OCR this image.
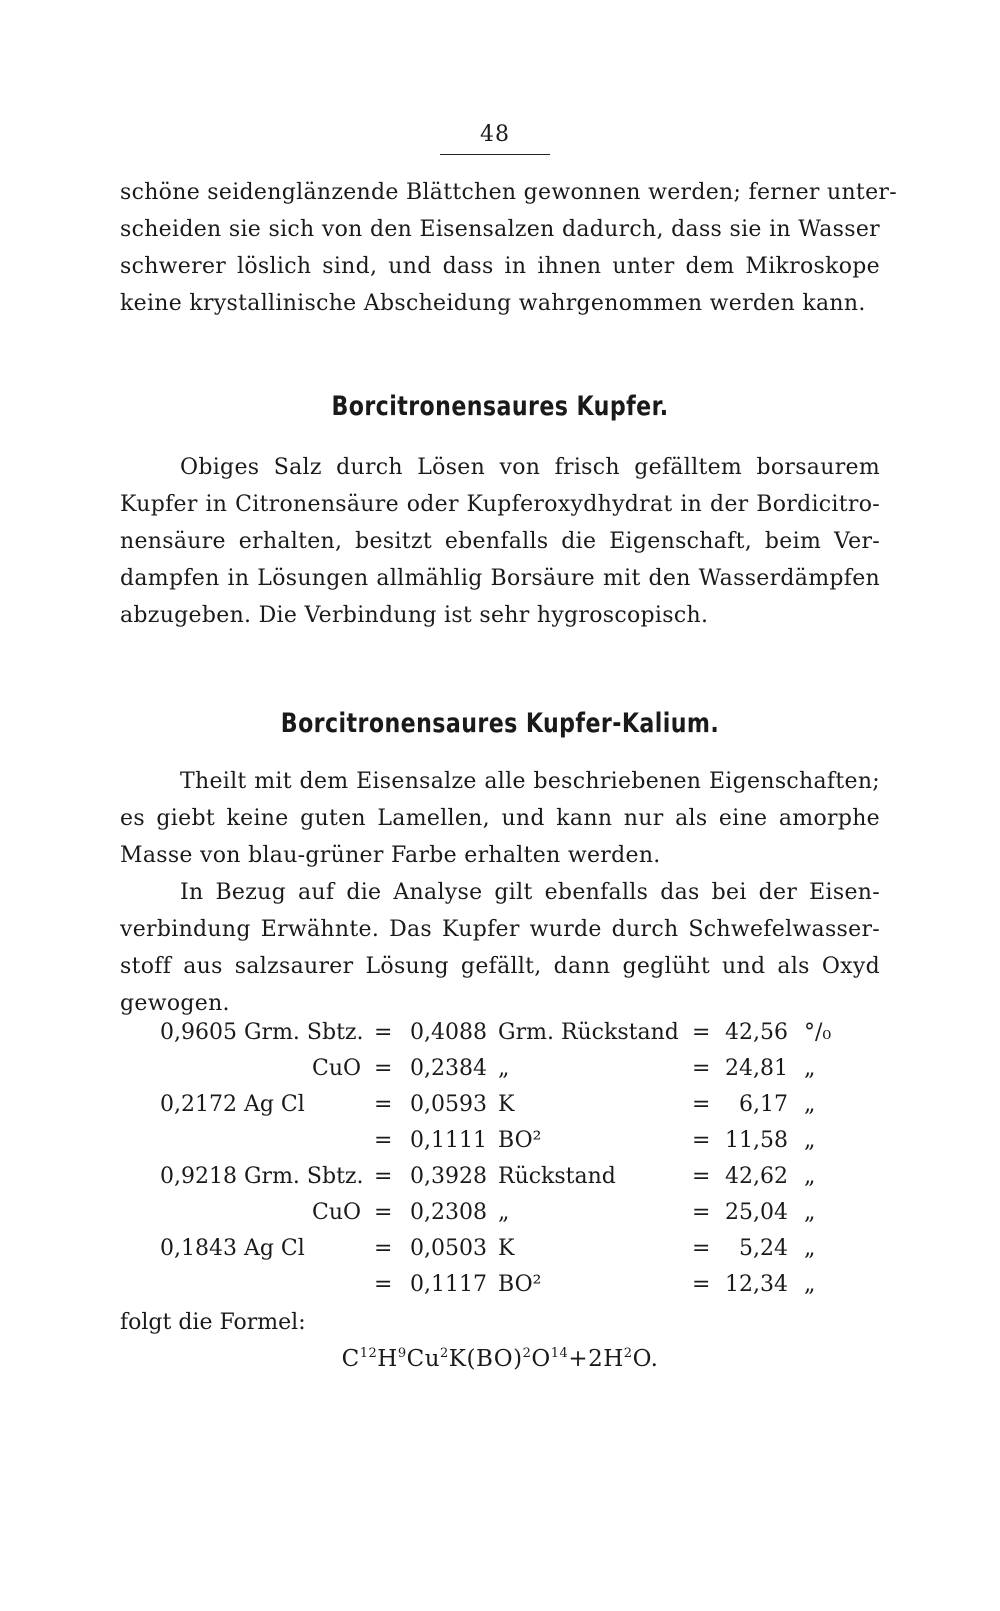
48
schöne seidenglänzende Blättchen gewonnen werden; ferner unter-
scheiden sie sich von den Eisensalzen dadurch, dass sie in Wasser
schwerer löslich sind, und dass in ihnen unter dem Mikroskope
keine krystallinische Abscheidung wahrgenommen werden kann.
Borcitronensaures Kupfer.
Obiges Salz durch Lösen von frisch gefälltem borsaurem
Kupfer in Citronensäure oder Kupferoxydhydrat in der Bordicitro-
nensäure erhalten, besitzt ebenfalls die Eigenschaft, beim Ver-
dampfen in Lösungen allmählig Borsäure mit den Wasserdämpfen
abzugeben. Die Verbindung ist sehr hygroscopisch.
Borcitronensaures Kupfer-Kalium.
Theilt mit dem Eisensalze alle beschriebenen Eigenschaften;
es giebt keine guten Lamellen, und kann nur als eine amorphe
Masse von blau-grüner Farbe erhalten werden.
In Bezug auf die Analyse gilt ebenfalls das bei der Eisen-
verbindung Erwähnte. Das Kupfer wurde durch Schwefelwasser-
stoff aus salzsaurer Lösung gefällt, dann geglüht und als Oxyd
gewogen.
0,9605 Grm. Sbtz. = 0,4088 Grm. Rückstand = 42,56 °/₀
CuO = 0,2384 „	= 24,81 „
0,2172 Ag Cl	= 0,0593 K	=	6,17 „
= 0,1111 BO²	= 11,58 „
0,9218 Grm. Sbtz. = 0,3928 Rückstand	= 42,62 „
CuO = 0,2308 „	= 25,04 „
0,1843 Ag Cl	= 0,0503 K	=	5,24 „
= 0,1117 BO²	= 12,34 „
folgt die Formel:
$C^{12}H^9Cu^2K(BO)^2O^{14}+2H^2O$.
